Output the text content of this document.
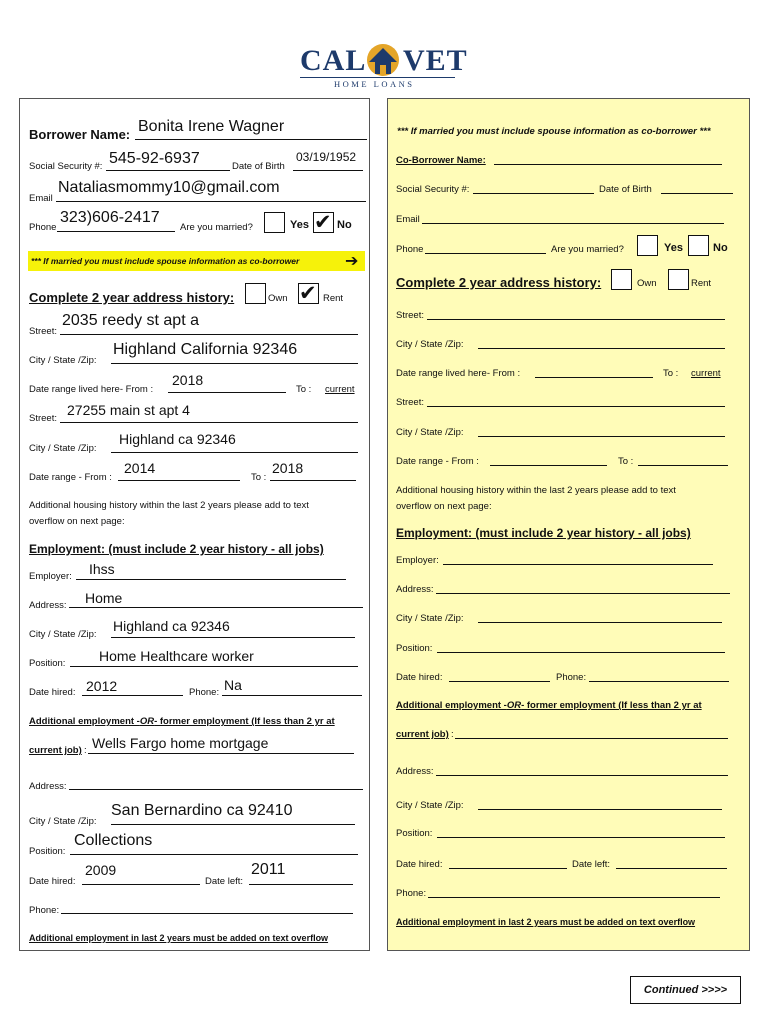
CAL VET
HOME LOANS
Borrower Name: Bonita Irene Wagner
Social Security #: 545-92-6937	Date of Birth
03/19/1952
Email
Nataliasmommy10@gmail.com
Phone
323)606-2417
Are you married?	Yes ✔ No
*** If married you must include spouse information as co-borrower	➔
Complete 2 year address history:	Own ✔ Rent
Street:
2035 reedy st apt a
City / State /Zip:
Highland California 92346
Date range lived here- From :
2018
To : current
Street:
27255 main st apt 4
City / State /Zip:
Highland ca 92346
Date range - From :
2014
To :
2018
Additional housing history within the last 2 years please add to text
overflow on next page:
Employment: (must include 2 year history - all jobs)
Employer: Ihss
Address: Home
City / State /Zip:
Highland ca 92346
Position: Home Healthcare worker
Date hired: 2012	Phone: Na
Additional employment -OR- former employment (If less than 2 yr at
current job) : Wells Fargo home mortgage
Address:
City / State /Zip:
San Bernardino ca 92410
Position:
Collections
Date hired:
2009
Date left:
2011
Phone:
Additional employment in last 2 years must be added on text overflow
*** If married you must include spouse information as co-borrower ***
Co-Borrower Name:
Social Security #:	Date of Birth
Email
Phone	Are you married?	Yes	No
Complete 2 year address history:	Own	Rent
Street:
City / State /Zip:
Date range lived here- From :	To : current
Street:
City / State /Zip:
Date range - From :	To :
Additional housing history within the last 2 years please add to text
overflow on next page:
Employment: (must include 2 year history - all jobs)
Employer:
Address:
City / State /Zip:
Position:
Date hired:	Phone:
Additional employment -OR- former employment (If less than 2 yr at
current job) :
Address:
City / State /Zip:
Position:
Date hired:	Date left:
Phone:
Additional employment in last 2 years must be added on text overflow
Continued >>>>
